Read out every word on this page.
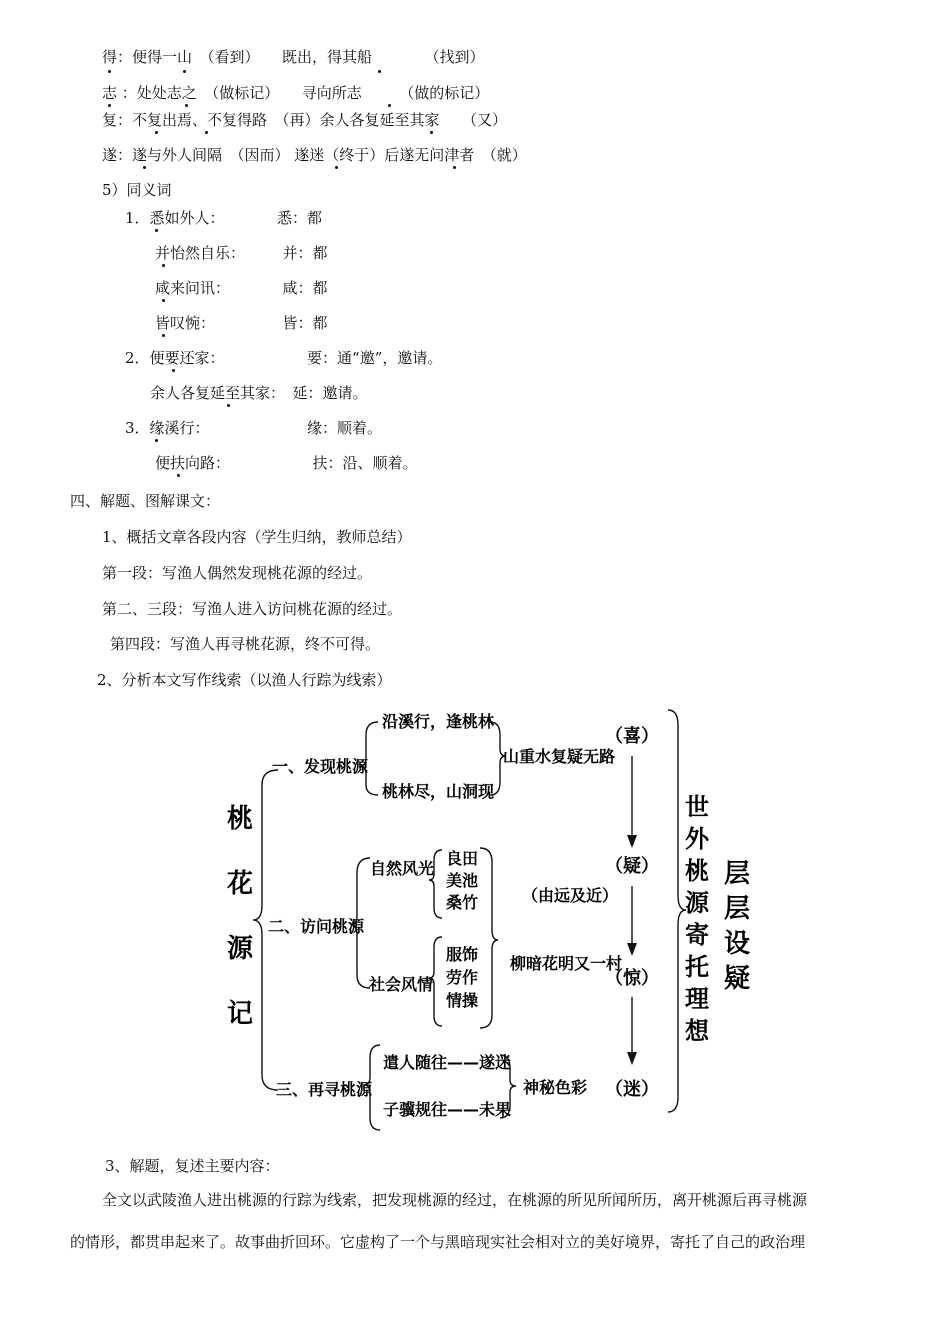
得：便得一山　（看到）　　既出，得其船　　　　（找到）
志 ：处处志之　（做标记）　　寻向所志　　　（做的标记）
复：不复出焉、不复得路　（再）余人各复延至其家　　（又）
遂：遂与外人间隔　（因而） 遂迷（终于）后遂无问津者　（就）
5）同义词
1．悉如外人：　　　　悉：都
并怡然自乐：　　　并：都
咸来问讯：　　　　咸：都
皆叹惋：　　　　　皆：都
2．便要还家：　　　　　　要：通“邀”，邀请。
余人各复延至其家：　延：邀请。
3．缘溪行：　　　　　　　缘：顺着。
便扶向路：　　　　　　扶：沿、顺着。
四、解题、图解课文：
1、概括文章各段内容（学生归纳，教师总结）
第一段：写渔人偶然发现桃花源的经过。
第二、三段：写渔人进入访问桃花源的经过。
第四段：写渔人再寻桃花源，终不可得。
2、分析本文写作线索（以渔人行踪为线索）
3、解题，复述主要内容：
全文以武陵渔人进出桃源的行踪为线索，把发现桃源的经过，在桃源的所见所闻所历，离开桃源后再寻桃源
的情形，都贯串起来了。故事曲折回环。它虚构了一个与黑暗现实社会相对立的美好境界，寄托了自己的政治理
桃
花
源
记
一、发现桃源
沿溪行，逢桃林
桃林尽，山洞现
山重水复疑无路
二、访问桃源
自然风光
良田
美池
桑竹	（由远及近）
社会风情
服饰
劳作
情操
柳暗花明又一村
三、再寻桃源
遣人随往——遂迷
子骥规往——未果
神秘色彩
（喜）
（疑）
（惊）
（迷）
世
外
桃
源
寄
托
理
想
层
层
设
疑
